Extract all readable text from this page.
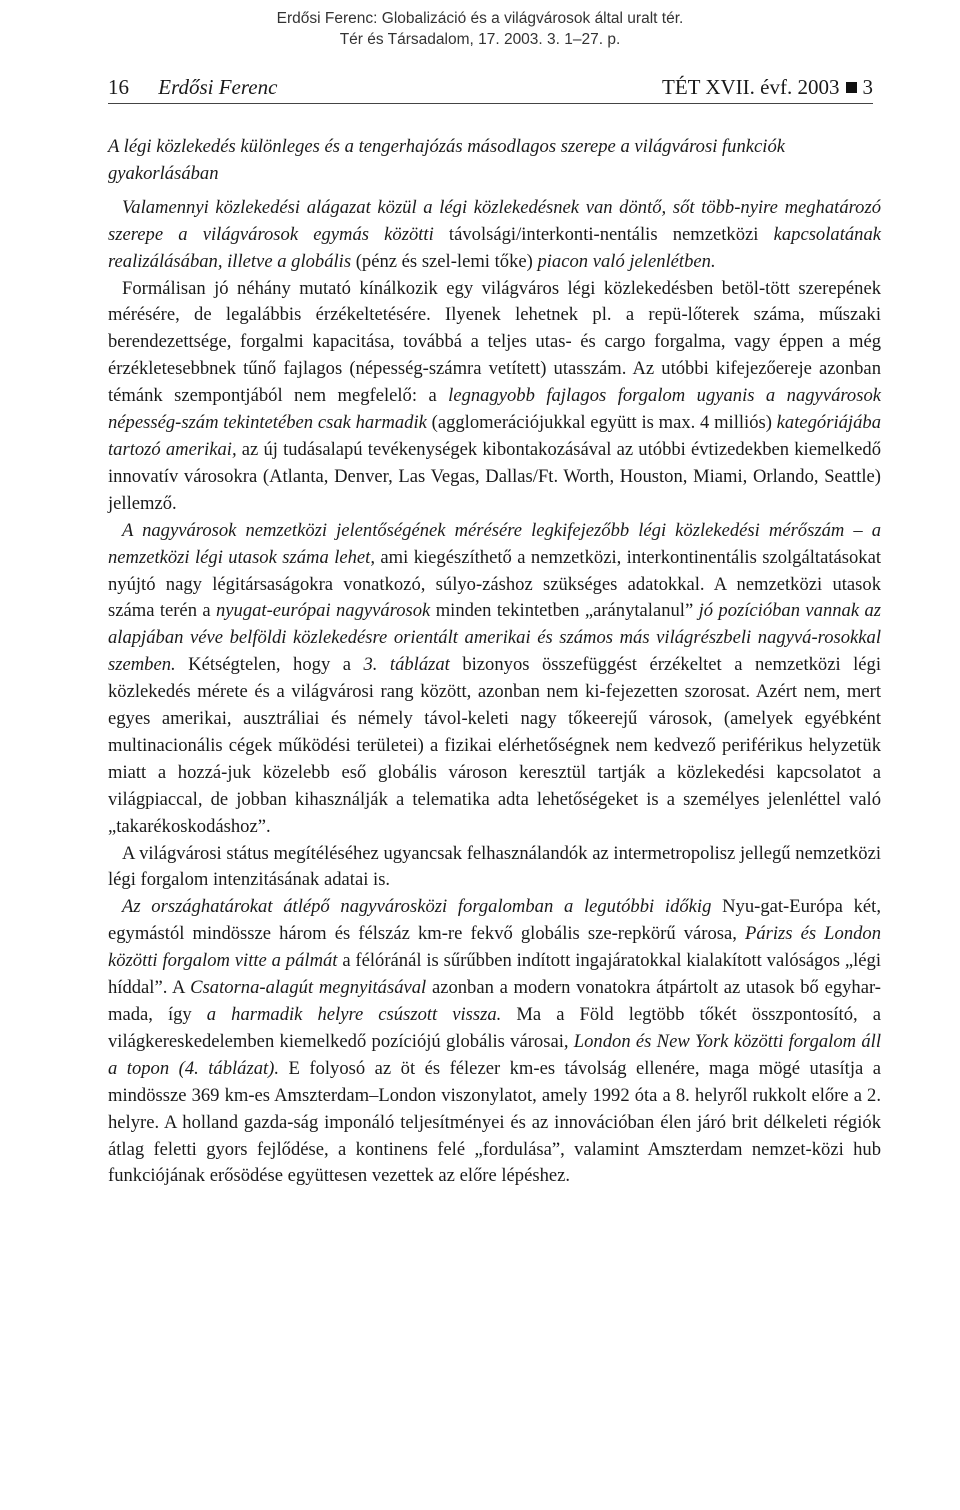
Erdősi Ferenc: Globalizáció és a világvárosok által uralt tér.
Tér és Társadalom, 17. 2003. 3. 1–27. p.
16 Erdősi Ferenc	TÉT XVII. évf. 2003 3

A légi közlekedés különleges és a tengerhajózás másodlagos szerepe a világvárosi funkciók gyakorlásában

Valamennyi közlekedési alágazat közül a légi közlekedésnek van döntő, sőt több-nyire meghatározó szerepe a világvárosok egymás közötti távolsági/interkonti-nentális nemzetközi kapcsolatának realizálásában, illetve a globális (pénz és szel-lemi tőke) piacon való jelenlétben.

Formálisan jó néhány mutató kínálkozik egy világváros légi közlekedésben betöl-tött szerepének mérésére, de legalábbis érzékeltetésére. Ilyenek lehetnek pl. a repü-lőterek száma, műszaki berendezettsége, forgalmi kapacitása, továbbá a teljes utas- és cargo forgalma, vagy éppen a még érzékletesebbnek tűnő fajlagos (népesség-számra vetített) utasszám. Az utóbbi kifejezőereje azonban témánk szempontjából nem megfelelő: a legnagyobb fajlagos forgalom ugyanis a nagyvárosok népesség-szám tekintetében csak harmadik (agglomerációjukkal együtt is max. 4 milliós) kategóriájába tartozó amerikai, az új tudásalapú tevékenységek kibontakozásával az utóbbi évtizedekben kiemelkedő innovatív városokra (Atlanta, Denver, Las Vegas, Dallas/Ft. Worth, Houston, Miami, Orlando, Seattle) jellemző.

A nagyvárosok nemzetközi jelentőségének mérésére legkifejezőbb légi közlekedési mérőszám – a nemzetközi légi utasok száma lehet, ami kiegészíthető a nemzetközi, interkontinentális szolgáltatásokat nyújtó nagy légitársaságokra vonatkozó, súlyo-záshoz szükséges adatokkal. A nemzetközi utasok száma terén a nyugat-európai nagyvárosok minden tekintetben „aránytalanul” jó pozícióban vannak az alapjában véve belföldi közlekedésre orientált amerikai és számos más világrészbeli nagyvá-rosokkal szemben. Kétségtelen, hogy a 3. táblázat bizonyos összefüggést érzékeltet a nemzetközi légi közlekedés mérete és a világvárosi rang között, azonban nem ki-fejezetten szorosat. Azért nem, mert egyes amerikai, ausztráliai és némely távol-keleti nagy tőkeerejű városok, (amelyek egyébként multinacionális cégek működési területei) a fizikai elérhetőségnek nem kedvező periférikus helyzetük miatt a hozzá-juk közelebb eső globális városon keresztül tartják a közlekedési kapcsolatot a világpiaccal, de jobban kihasználják a telematika adta lehetőségeket is a személyes jelenléttel való „takarékoskodáshoz”.

A világvárosi státus megítéléséhez ugyancsak felhasználandók az intermetropolisz jellegű nemzetközi légi forgalom intenzitásának adatai is.

Az országhatárokat átlépő nagyvárosközi forgalomban a legutóbbi időkig Nyu-gat-Európa két, egymástól mindössze három és félszáz km-re fekvő globális sze-repkörű városa, Párizs és London közötti forgalom vitte a pálmát a félóránál is sűrűbben indított ingajáratokkal kialakított valóságos „légi híddal”. A Csatorna-alagút megnyitásával azonban a modern vonatokra átpártolt az utasok bő egyhar-mada, így a harmadik helyre csúszott vissza. Ma a Föld legtöbb tőkét összpontosító, a világkereskedelemben kiemelkedő pozíciójú globális városai, London és New York közötti forgalom áll a topon (4. táblázat). E folyosó az öt és félezer km-es távolság ellenére, maga mögé utasítja a mindössze 369 km-es Amszterdam–London viszonylatot, amely 1992 óta a 8. helyről rukkolt előre a 2. helyre. A holland gazda-ság imponáló teljesítményei és az innovációban élen járó brit délkeleti régiók átlag feletti gyors fejlődése, a kontinens felé „fordulása”, valamint Amszterdam nemzet-közi hub funkciójának erősödése együttesen vezettek az előre lépéshez.
